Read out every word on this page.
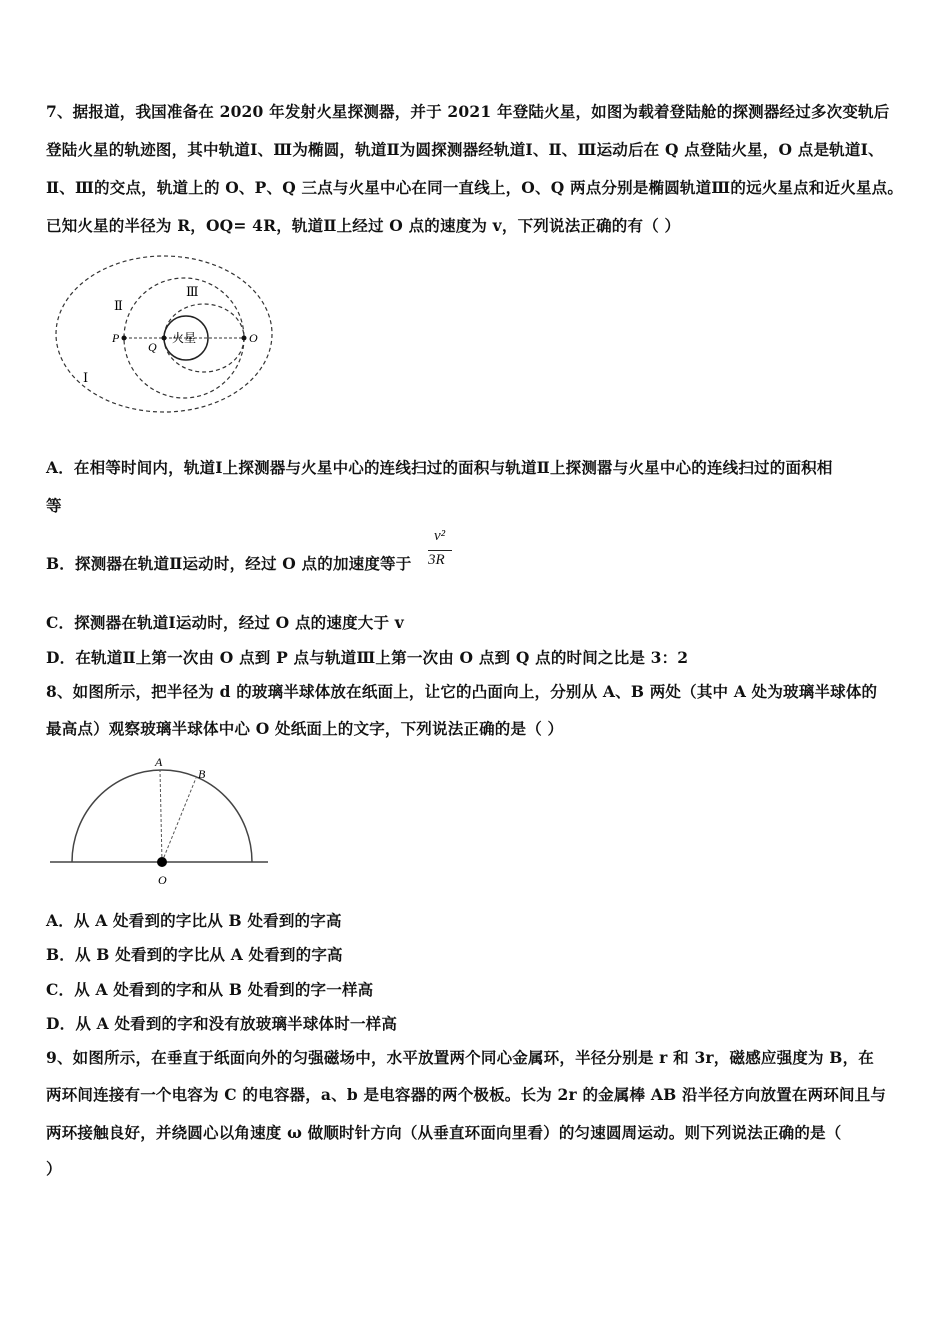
7、据报道，我国准备在 2020 年发射火星探测器，并于 2021 年登陆火星，如图为载着登陆舱的探测器经过多次变轨后
登陆火星的轨迹图，其中轨道Ⅰ、Ⅲ为椭圆，轨道Ⅱ为圆探测器经轨道Ⅰ、Ⅱ、Ⅲ运动后在 Q 点登陆火星，O 点是轨道Ⅰ、
Ⅱ、Ⅲ的交点，轨道上的 O、P、Q 三点与火星中心在同一直线上，O、Q 两点分别是椭圆轨道Ⅲ的远火星点和近火星点。
已知火星的半径为 R，OQ= 4R，轨道Ⅱ上经过 O 点的速度为 v，下列说法正确的有（ ）
Ⅱ
Ⅲ
Ⅰ
P
Q
O
火星
A．在相等时间内，轨道Ⅰ上探测器与火星中心的连线扫过的面积与轨道Ⅱ上探测嚣与火星中心的连线扫过的面积相
等
B．探测器在轨道Ⅱ运动时，经过 O 点的加速度等于
v²
3R
C．探测器在轨道Ⅰ运动时，经过 O 点的速度大于 v
D．在轨道Ⅱ上第一次由 O 点到 P 点与轨道Ⅲ上第一次由 O 点到 Q 点的时间之比是 3：2
8、如图所示，把半径为 d 的玻璃半球体放在纸面上，让它的凸面向上，分别从 A、B 两处（其中 A 处为玻璃半球体的
最高点）观察玻璃半球体中心 O 处纸面上的文字，下列说法正确的是（ ）
A
B
O
A．从 A 处看到的字比从 B 处看到的字高
B．从 B 处看到的字比从 A 处看到的字高
C．从 A 处看到的字和从 B 处看到的字一样高
D．从 A 处看到的字和没有放玻璃半球体时一样高
9、如图所示，在垂直于纸面向外的匀强磁场中，水平放置两个同心金属环，半径分别是 r 和 3r，磁感应强度为 B，在
两环间连接有一个电容为 C 的电容器，a、b 是电容器的两个极板。长为 2r 的金属棒 AB 沿半径方向放置在两环间且与
两环接触良好，并绕圆心以角速度 ω 做顺时针方向（从垂直环面向里看）的匀速圆周运动。则下列说法正确的是（
）
